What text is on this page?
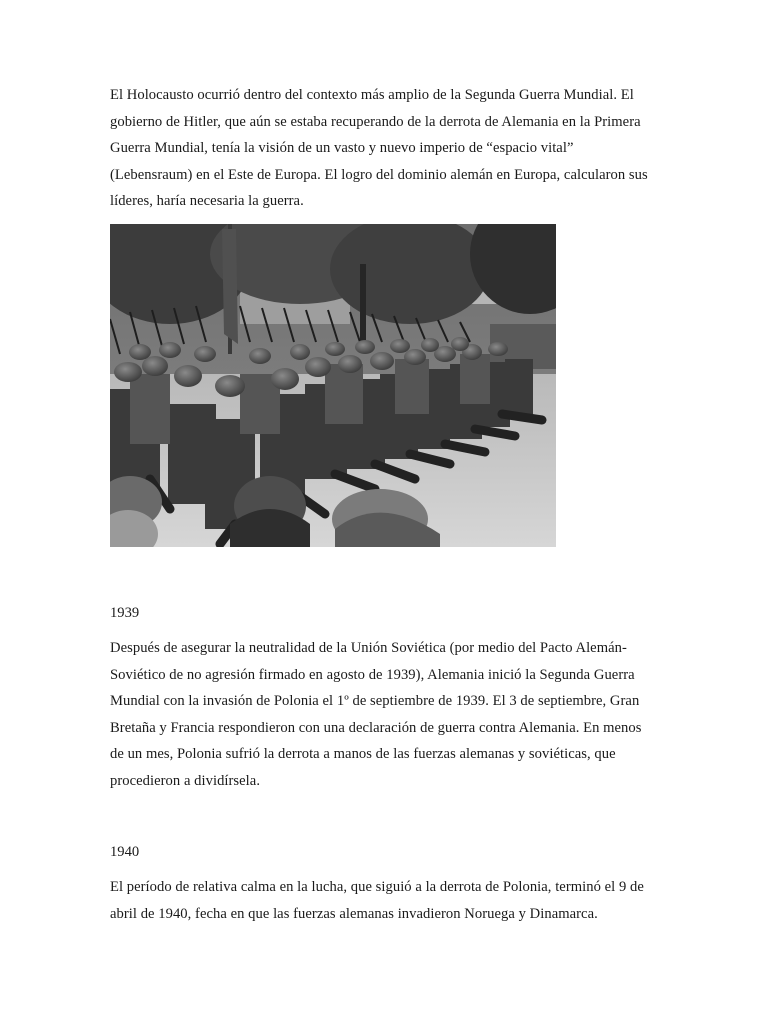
El Holocausto ocurrió dentro del contexto más amplio de la Segunda Guerra Mundial. El gobierno de Hitler, que aún se estaba recuperando de la derrota de Alemania en la Primera Guerra Mundial, tenía la visión de un vasto y nuevo imperio de “espacio vital” (Lebensraum) en el Este de Europa. El logro del dominio alemán en Europa, calcularon sus líderes, haría necesaria la guerra.

1939

Después de asegurar la neutralidad de la Unión Soviética (por medio del Pacto Alemán-Soviético de no agresión firmado en agosto de 1939), Alemania inició la Segunda Guerra Mundial con la invasión de Polonia el 1º de septiembre de 1939. El 3 de septiembre, Gran Bretaña y Francia respondieron con una declaración de guerra contra Alemania. En menos de un mes, Polonia sufrió la derrota a manos de las fuerzas alemanas y soviéticas, que procedieron a dividírsela.

1940

El período de relativa calma en la lucha, que siguió a la derrota de Polonia, terminó el 9 de abril de 1940, fecha en que las fuerzas alemanas invadieron Noruega y Dinamarca.
